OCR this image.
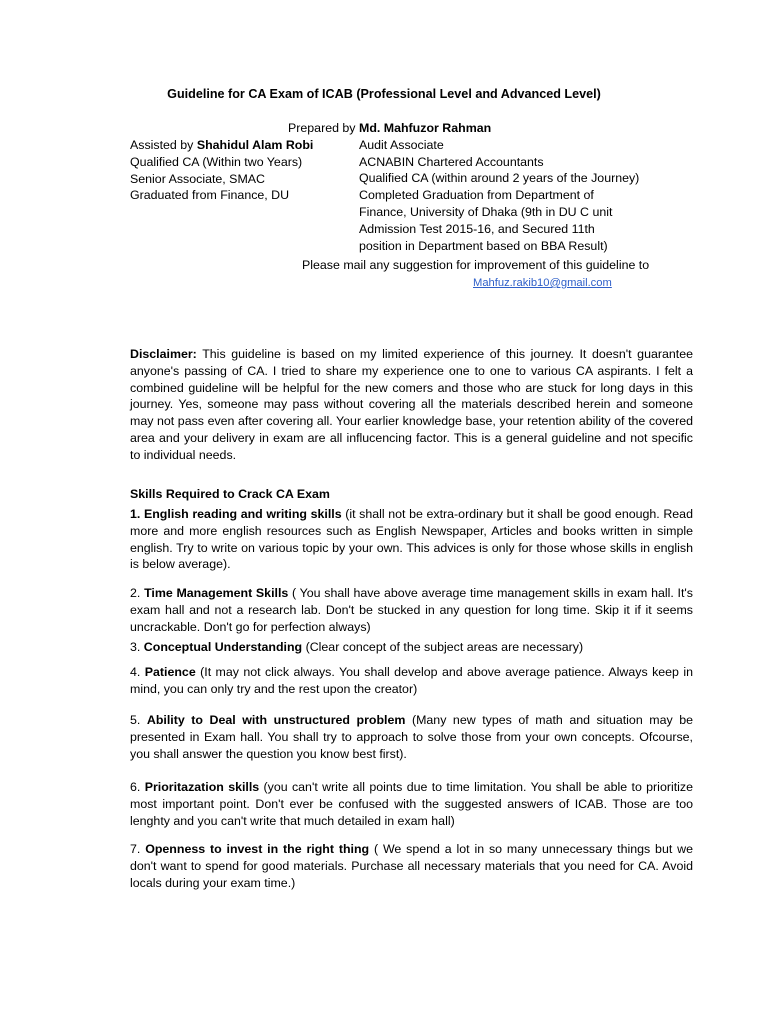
Guideline for CA Exam of ICAB (Professional Level and Advanced Level)
Prepared by
Assisted by Shahidul Alam Robi
Qualified CA (Within two Years)
Senior Associate, SMAC
Graduated from Finance, DU
Md. Mahfuzor Rahman
Audit Associate
ACNABIN Chartered Accountants
Qualified CA (within around 2 years of the Journey)
Completed Graduation from Department of
Finance, University of Dhaka (9th in DU C unit
Admission Test 2015-16, and Secured 11th
position in Department based on BBA Result)
Please mail any suggestion for improvement of this guideline to
Mahfuz.rakib10@gmail.com
Disclaimer: This guideline is based on my limited experience of this journey. It doesn't guarantee anyone's passing of CA. I tried to share my experience one to one to various CA aspirants. I felt a combined guideline will be helpful for the new comers and those who are stuck for long days in this journey. Yes, someone may pass without covering all the materials described herein and someone may not pass even after covering all. Your earlier knowledge base, your retention ability of the covered area and your delivery in exam are all influcencing factor. This is a general guideline and not specific to individual needs.
Skills Required to Crack CA Exam
1. English reading and writing skills (it shall not be extra-ordinary but it shall be good enough. Read more and more english resources such as English Newspaper, Articles and books written in simple english. Try to write on various topic by your own. This advices is only for those whose skills in english is below average).
2. Time Management Skills ( You shall have above average time management skills in exam hall. It's exam hall and not a research lab. Don't be stucked in any question for long time. Skip it if it seems uncrackable. Don't go for perfection always)
3. Conceptual Understanding (Clear concept of the subject areas are necessary)
4. Patience (It may not click always. You shall develop and above average patience. Always keep in mind, you can only try and the rest upon the creator)
5. Ability to Deal with unstructured problem (Many new types of math and situation may be presented in Exam hall. You shall try to approach to solve those from your own concepts. Ofcourse, you shall answer the question you know best first).
6. Prioritazation skills (you can't write all points due to time limitation. You shall be able to prioritize most important point. Don't ever be confused with the suggested answers of ICAB. Those are too lenghty and you can't write that much detailed in exam hall)
7. Openness to invest in the right thing ( We spend a lot in so many unnecessary things but we don't want to spend for good materials. Purchase all necessary materials that you need for CA. Avoid locals during your exam time.)
